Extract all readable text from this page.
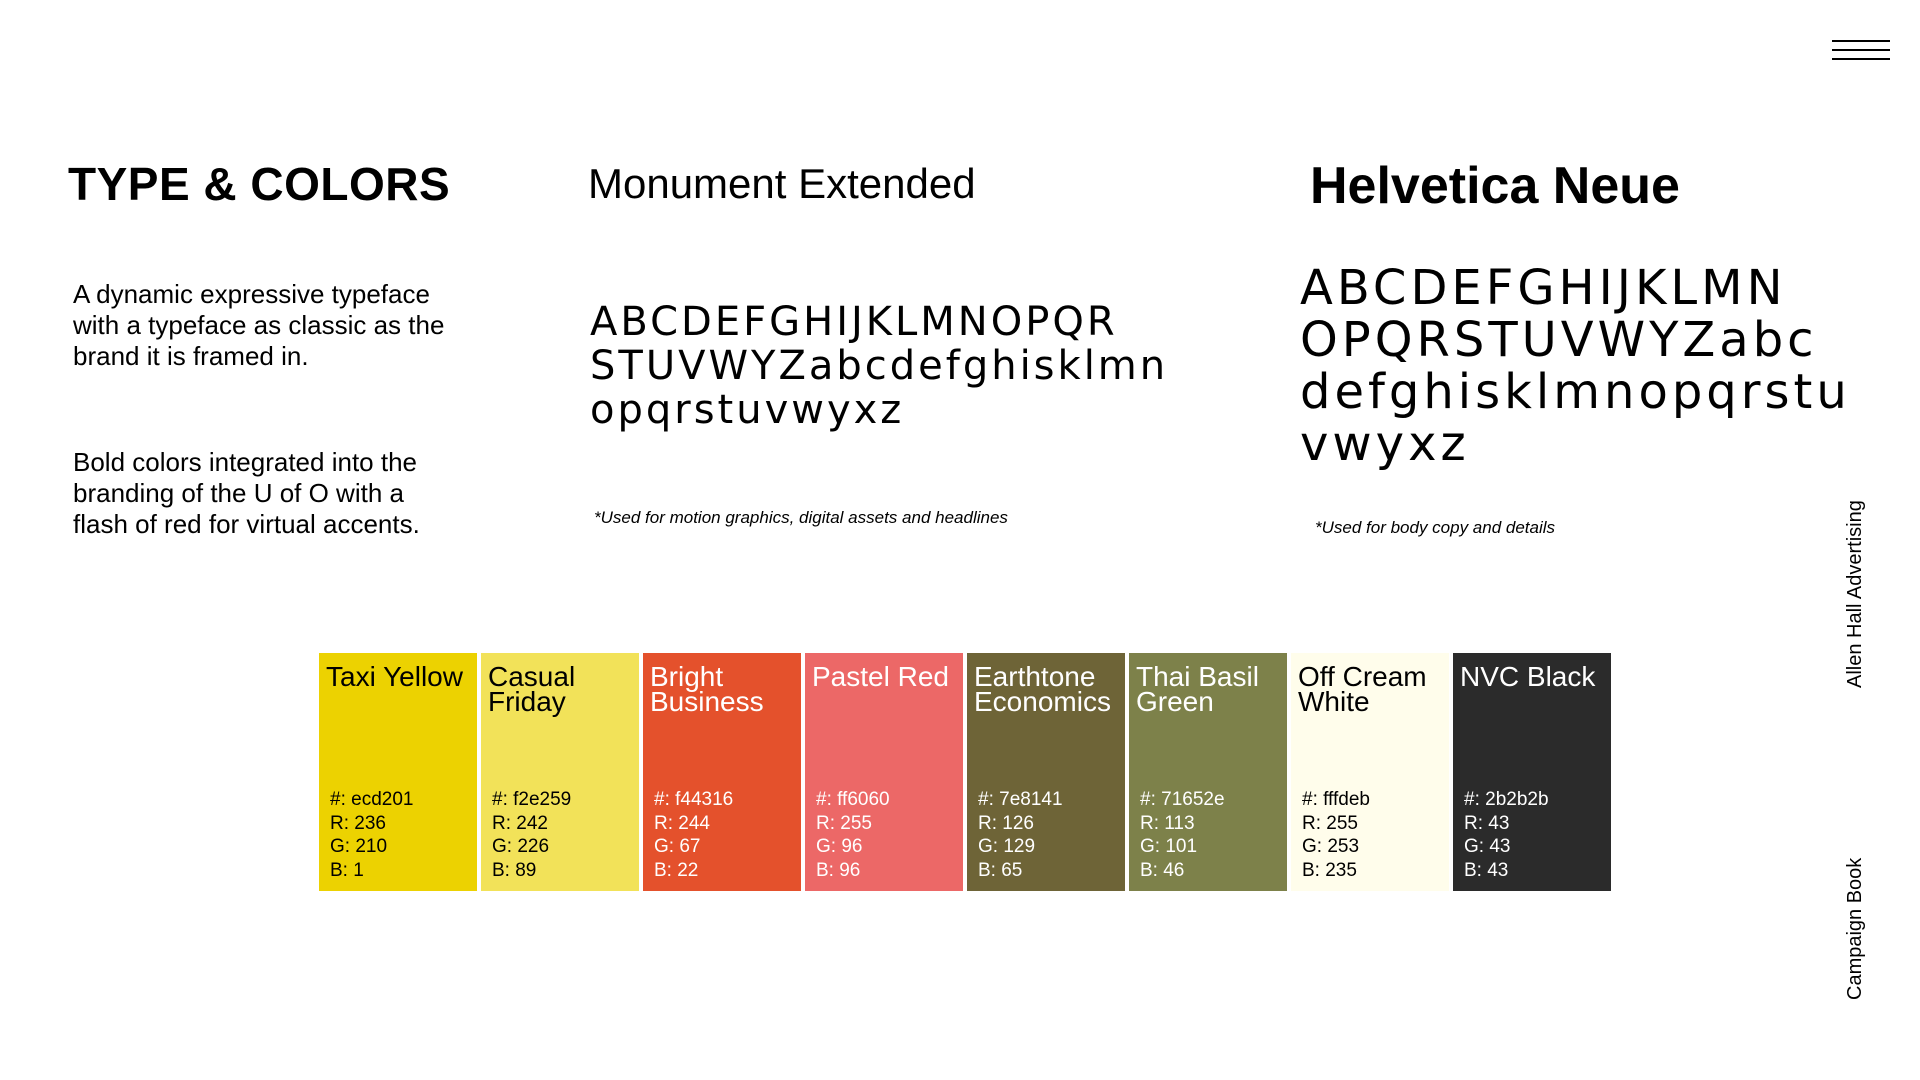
TYPE & COLORS

A dynamic expressive typeface with a typeface as classic as the brand it is framed in.

Bold colors integrated into the branding of the U of O with a flash of red for virtual accents.

Monument Extended

ABCDEFGHIJKLMNOPQR
STUVWYZabcdefghisklmn
opqrstuvwyxz

*Used for motion graphics, digital assets and headlines

Helvetica Neue

ABCDEFGHIJKLMN
OPQRSTUVWYZabc
defghisklmnopqrstu
vwyxz

*Used for body copy and details

Taxi Yellow

#: ecd201
R: 236
G: 210
B: 1

Casual Friday

#: f2e259
R: 242
G: 226
B: 89

Bright Business

#: f44316
R: 244
G: 67
B: 22

Pastel Red

#: ff6060
R: 255
G: 96
B: 96

Earthtone Economics

#: 7e8141
R: 126
G: 129
B: 65

Thai Basil Green

#: 71652e
R: 113
G: 101
B: 46

Off Cream White

#: fffdeb
R: 255
G: 253
B: 235

NVC Black

#: 2b2b2b
R: 43
G: 43
B: 43

Allen Hall Advertising

Campaign Book
